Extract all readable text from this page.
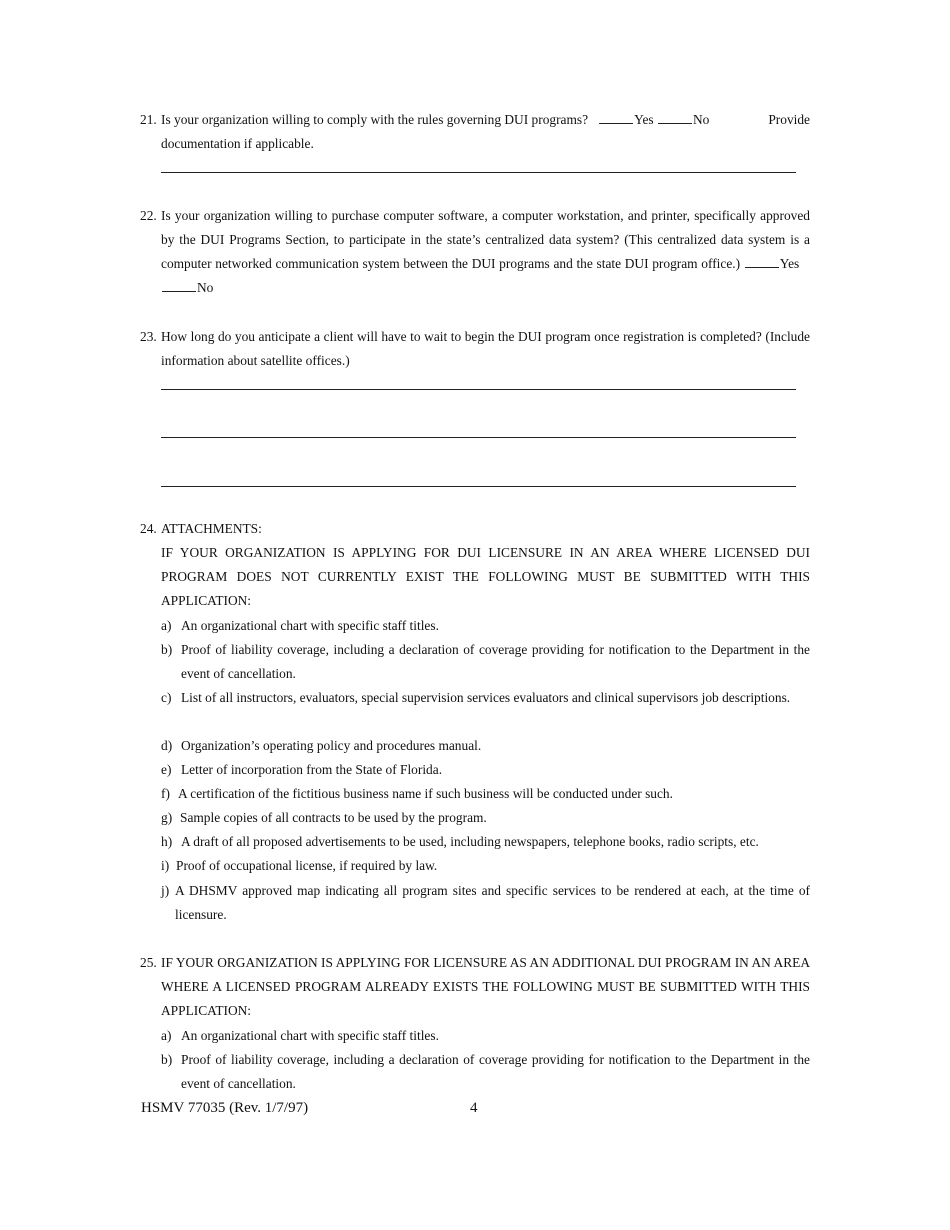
21. Is your organization willing to comply with the rules governing DUI programs?	Yes	No	Provide
documentation if applicable.
22. Is your organization willing to purchase computer software, a computer workstation, and printer, specifically approved by the DUI Programs Section, to participate in the state’s centralized data system? (This centralized data system is a computer networked communication system between the DUI programs and the state DUI program office.)	Yes   No
23. How long do you anticipate a client will have to wait to begin the DUI program once registration is completed? (Include information about satellite offices.)
24. ATTACHMENTS:
IF YOUR ORGANIZATION IS APPLYING FOR DUI LICENSURE IN AN AREA WHERE LICENSED DUI PROGRAM DOES NOT CURRENTLY EXIST THE FOLLOWING MUST BE SUBMITTED WITH THIS APPLICATION:
a) An organizational chart with specific staff titles.
b) Proof of liability coverage, including a declaration of coverage providing for notification to the Department in the event of cancellation.
c) List of all instructors, evaluators, special supervision services evaluators and clinical supervisors job descriptions.
d) Organization’s operating policy and procedures manual.
e) Letter of incorporation from the State of Florida.
f) A certification of the fictitious business name if such business will be conducted under such.
g) Sample copies of all contracts to be used by the program.
h) A draft of all proposed advertisements to be used, including newspapers, telephone books, radio scripts, etc.
i) Proof of occupational license, if required by law.
j) A DHSMV approved map indicating all program sites and specific services to be rendered at each, at the time of licensure.
25. IF YOUR ORGANIZATION IS APPLYING FOR LICENSURE AS AN ADDITIONAL DUI PROGRAM IN AN AREA WHERE A LICENSED PROGRAM ALREADY EXISTS THE FOLLOWING MUST BE SUBMITTED WITH THIS APPLICATION:
a) An organizational chart with specific staff titles.
b) Proof of liability coverage, including a declaration of coverage providing for notification to the Department in the event of cancellation.
HSMV 77035 (Rev. 1/7/97)	4
